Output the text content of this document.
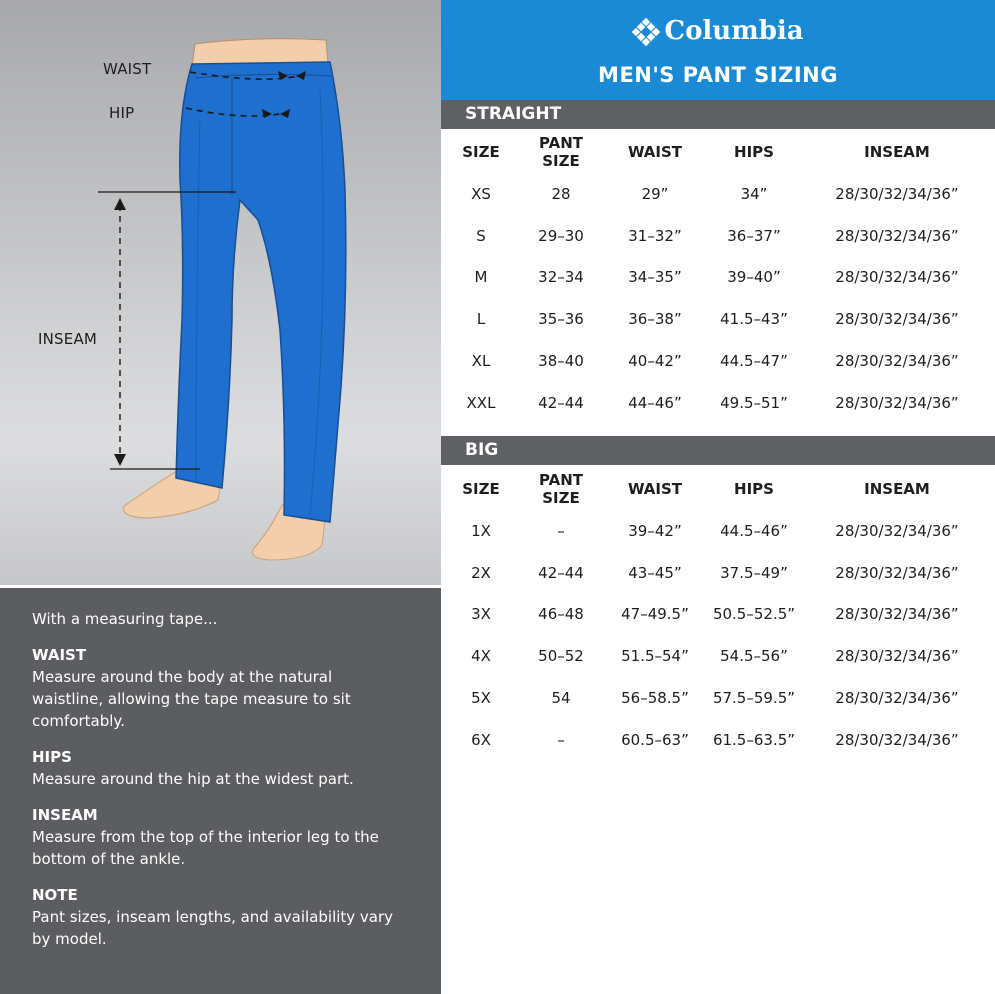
WAIST
HIP
INSEAM
With a measuring tape...
WAIST
Measure around the body at the natural waistline, allowing the tape measure to sit comfortably.
HIPS
Measure around the hip at the widest part.
INSEAM
Measure from the top of the interior leg to the bottom of the ankle.
NOTE
Pant sizes, inseam lengths, and availability vary by model.
Columbia
MEN'S PANT SIZING
STRAIGHT
SIZE	PANT SIZE	WAIST	HIPS	INSEAM
XS	28	29”	34”	28/30/32/34/36”
S	29–30	31–32”	36–37”	28/30/32/34/36”
M	32–34	34–35”	39–40”	28/30/32/34/36”
L	35–36	36–38”	41.5–43”	28/30/32/34/36”
XL	38–40	40–42”	44.5–47”	28/30/32/34/36”
XXL	42–44	44–46”	49.5–51”	28/30/32/34/36”
BIG
SIZE	PANT SIZE	WAIST	HIPS	INSEAM
1X	–	39–42”	44.5–46”	28/30/32/34/36”
2X	42–44	43–45”	37.5–49”	28/30/32/34/36”
3X	46–48	47–49.5”	50.5–52.5”	28/30/32/34/36”
4X	50–52	51.5–54”	54.5–56”	28/30/32/34/36”
5X	54	56–58.5”	57.5–59.5”	28/30/32/34/36”
6X	–	60.5–63”	61.5–63.5”	28/30/32/34/36”
